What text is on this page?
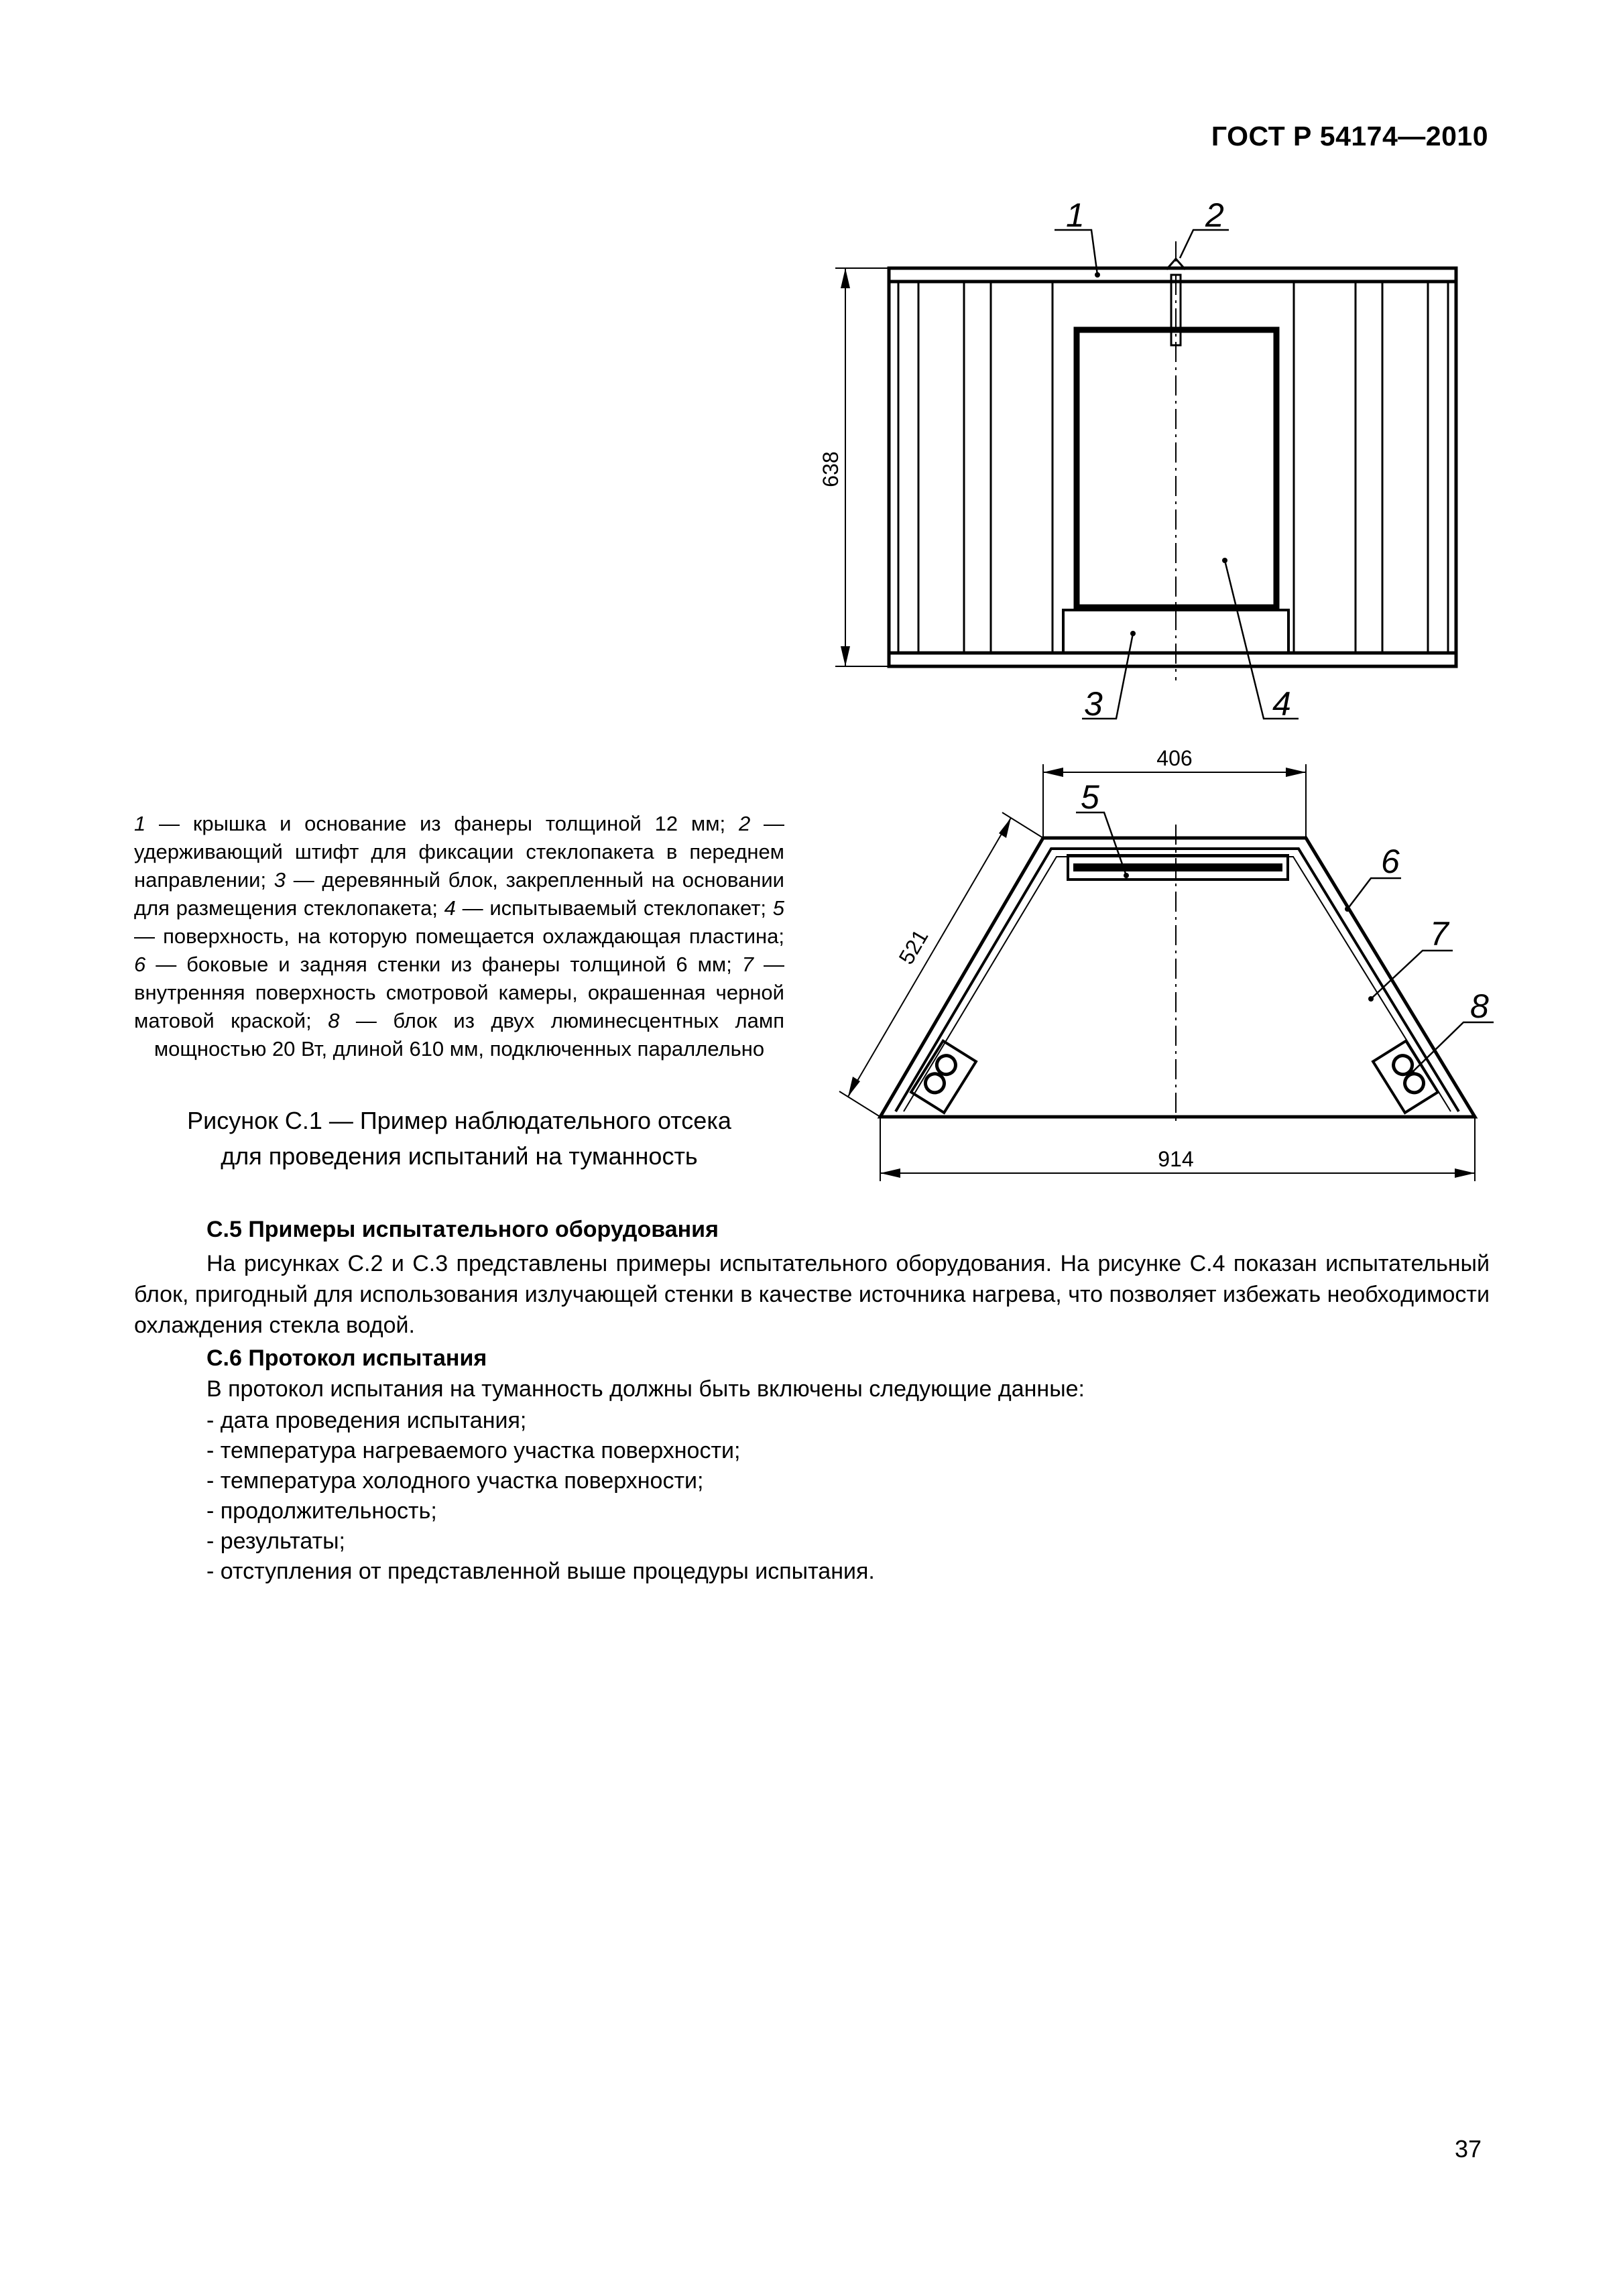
ГОСТ Р 54174—2010
1	2
3	4
5
6
7
8
638
406
521
914
1 — крышка и основание из фанеры толщиной 12 мм; 2 — удерживающий штифт для фиксации стеклопакета в переднем направлении; 3 — деревянный блок, закрепленный на основании для размещения стеклопакета; 4 — испытываемый стеклопакет; 5 — поверхность, на которую помещается охлаждающая пластина; 6 — боковые и задняя стенки из фанеры толщиной 6 мм; 7 — внутренняя поверхность смотровой камеры, окрашенная черной матовой краской; 8 — блок из двух люминесцентных ламп мощностью 20 Вт, длиной 610 мм, подключенных параллельно
Рисунок С.1 — Пример наблюдательного отсека
для проведения испытаний на туманность
С.5 Примеры испытательного оборудования
На рисунках С.2 и С.3 представлены примеры испытательного оборудования. На рисунке С.4 показан испытательный блок, пригодный для использования излучающей стенки в качестве источника нагрева, что позволяет избежать необходимости охлаждения стекла водой.
С.6 Протокол испытания
В протокол испытания на туманность должны быть включены следующие данные:
- дата проведения испытания;
- температура нагреваемого участка поверхности;
- температура холодного участка поверхности;
- продолжительность;
- результаты;
- отступления от представленной выше процедуры испытания.
37
